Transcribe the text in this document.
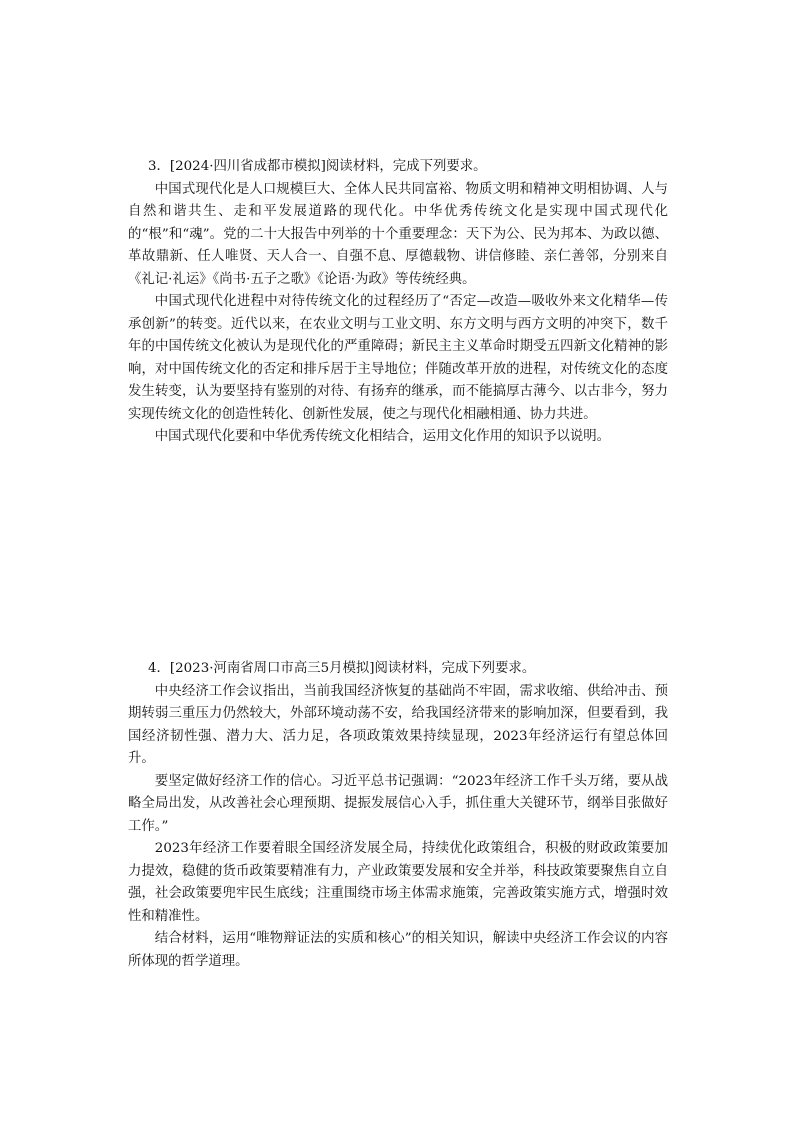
3．[2024·四川省成都市模拟]阅读材料，完成下列要求。

中国式现代化是人口规模巨大、全体人民共同富裕、物质文明和精神文明相协调、人与自然和谐共生、走和平发展道路的现代化。中华优秀传统文化是实现中国式现代化的“根”和“魂”。党的二十大报告中列举的十个重要理念：天下为公、民为邦本、为政以德、革故鼎新、任人唯贤、天人合一、自强不息、厚德载物、讲信修睦、亲仁善邻，分别来自《礼记·礼运》《尚书·五子之歌》《论语·为政》等传统经典。

中国式现代化进程中对待传统文化的过程经历了“否定—改造—吸收外来文化精华—传承创新”的转变。近代以来，在农业文明与工业文明、东方文明与西方文明的冲突下，数千年的中国传统文化被认为是现代化的严重障碍；新民主主义革命时期受五四新文化精神的影响，对中国传统文化的否定和排斥居于主导地位；伴随改革开放的进程，对传统文化的态度发生转变，认为要坚持有鉴别的对待、有扬弃的继承，而不能搞厚古薄今、以古非今，努力实现传统文化的创造性转化、创新性发展，使之与现代化相融相通、协力共进。

中国式现代化要和中华优秀传统文化相结合，运用文化作用的知识予以说明。

4．[2023·河南省周口市高三5月模拟]阅读材料，完成下列要求。

中央经济工作会议指出，当前我国经济恢复的基础尚不牢固，需求收缩、供给冲击、预期转弱三重压力仍然较大，外部环境动荡不安，给我国经济带来的影响加深，但要看到，我国经济韧性强、潜力大、活力足，各项政策效果持续显现，2023年经济运行有望总体回升。

要坚定做好经济工作的信心。习近平总书记强调：“2023年经济工作千头万绪，要从战略全局出发，从改善社会心理预期、提振发展信心入手，抓住重大关键环节，纲举目张做好工作。”

2023年经济工作要着眼全国经济发展全局，持续优化政策组合，积极的财政政策要加力提效，稳健的货币政策要精准有力，产业政策要发展和安全并举，科技政策要聚焦自立自强，社会政策要兜牢民生底线；注重围绕市场主体需求施策，完善政策实施方式，增强时效性和精准性。

结合材料，运用“唯物辩证法的实质和核心”的相关知识，解读中央经济工作会议的内容所体现的哲学道理。
